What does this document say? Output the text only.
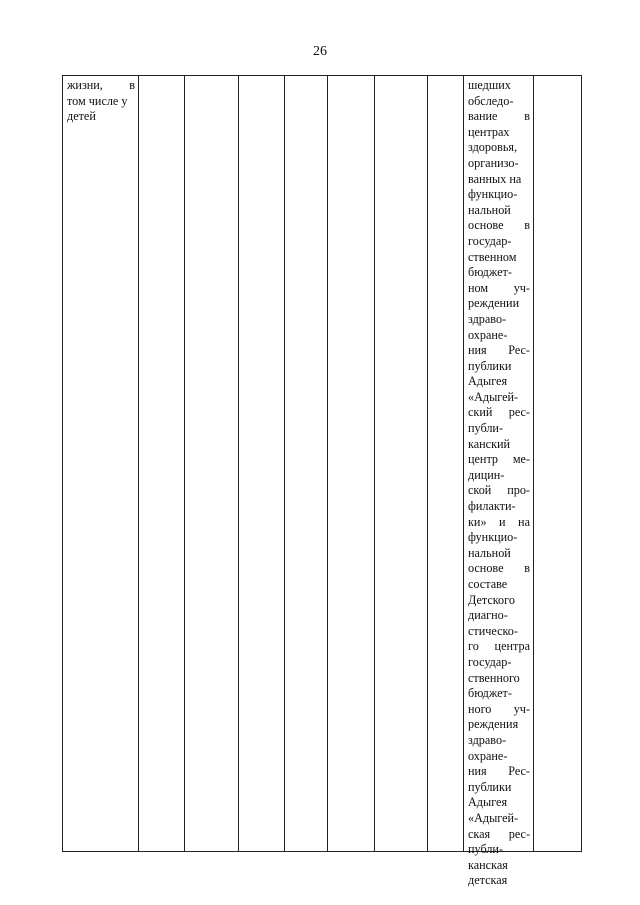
26
жизни, в
том числе у
детей
шедших
обследо-
вание в
центрах
здоровья,
организо-
ванных на
функцио-
нальной
основе в
государ-
ственном
бюджет-
ном уч-
реждении
здраво-
охране-
ния Рес-
публики
Адыгея
«Адыгей-
ский рес-
публи-
канский
центр ме-
дицин-
ской про-
филакти-
ки» и на
функцио-
нальной
основе в
составе
Детского
диагно-
стическо-
го центра
государ-
ственного
бюджет-
ного уч-
реждения
здраво-
охране-
ния Рес-
публики
Адыгея
«Адыгей-
ская рес-
публи-
канская
детская
